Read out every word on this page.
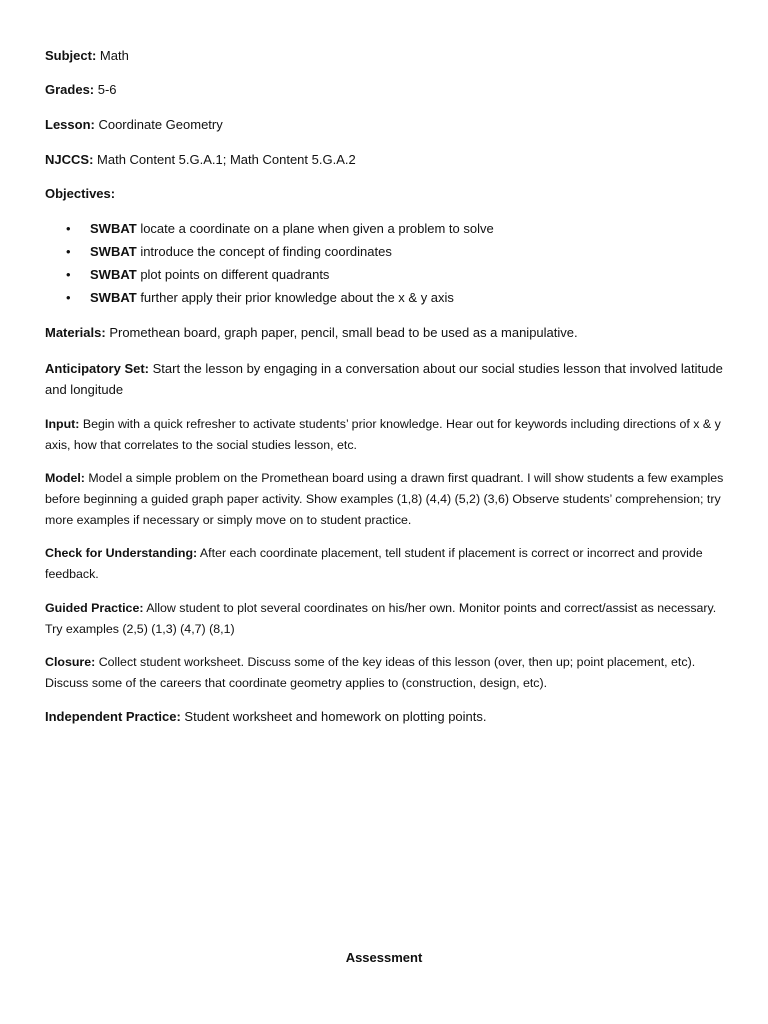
Subject: Math
Grades: 5-6
Lesson: Coordinate Geometry
NJCCS: Math Content 5.G.A.1; Math Content 5.G.A.2
Objectives:
• SWBAT locate a coordinate on a plane when given a problem to solve
• SWBAT introduce the concept of finding coordinates
• SWBAT plot points on different quadrants
• SWBAT further apply their prior knowledge about the x & y axis
Materials: Promethean board, graph paper, pencil, small bead to be used as a manipulative.
Anticipatory Set: Start the lesson by engaging in a conversation about our social studies lesson that involved latitude and longitude
Input: Begin with a quick refresher to activate students’ prior knowledge. Hear out for keywords including directions of x & y axis, how that correlates to the social studies lesson, etc.
Model: Model a simple problem on the Promethean board using a drawn first quadrant. I will show students a few examples before beginning a guided graph paper activity. Show examples (1,8) (4,4) (5,2) (3,6) Observe students’ comprehension; try more examples if necessary or simply move on to student practice.
Check for Understanding: After each coordinate placement, tell student if placement is correct or incorrect and provide feedback.
Guided Practice: Allow student to plot several coordinates on his/her own. Monitor points and correct/assist as necessary. Try examples (2,5) (1,3) (4,7) (8,1)
Closure: Collect student worksheet. Discuss some of the key ideas of this lesson (over, then up; point placement, etc). Discuss some of the careers that coordinate geometry applies to (construction, design, etc).
Independent Practice: Student worksheet and homework on plotting points.
Assessment
